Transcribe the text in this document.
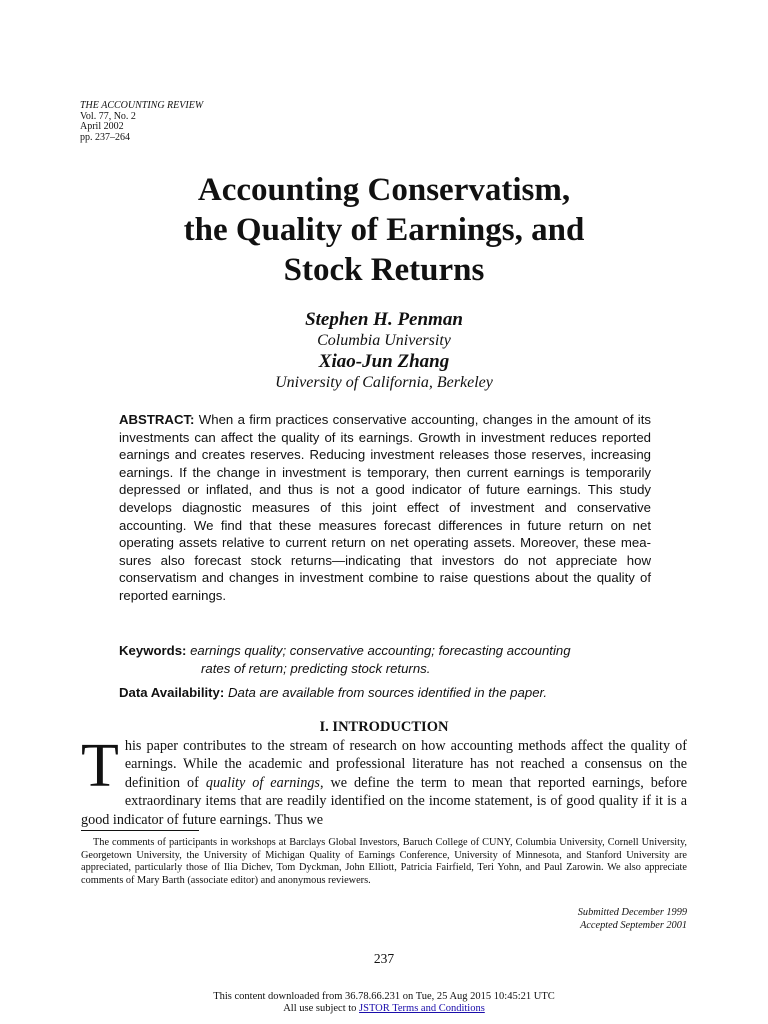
THE ACCOUNTING REVIEW
Vol. 77, No. 2
April 2002
pp. 237–264
Accounting Conservatism,
the Quality of Earnings, and
Stock Returns
Stephen H. Penman
Columbia University
Xiao-Jun Zhang
University of California, Berkeley
ABSTRACT: When a firm practices conservative accounting, changes in the amount of its investments can affect the quality of its earnings. Growth in investment reduces reported earnings and creates reserves. Reducing investment releases those reserves, increasing earnings. If the change in investment is temporary, then current earnings is temporarily depressed or inflated, and thus is not a good indicator of future earnings. This study develops diagnostic measures of this joint effect of investment and conservative accounting. We find that these measures forecast differences in future return on net operating assets relative to current return on net operating assets. Moreover, these measures also forecast stock returns—indicating that investors do not appreciate how conservatism and changes in investment combine to raise questions about the quality of reported earnings.
Keywords: earnings quality; conservative accounting; forecasting accounting
rates of return; predicting stock returns.
Data Availability: Data are available from sources identified in the paper.
I. INTRODUCTION
This paper contributes to the stream of research on how accounting methods affect the quality of earnings. While the academic and professional literature has not reached a consensus on the definition of quality of earnings, we define the term to mean that reported earnings, before extraordinary items that are readily identified on the income statement, is of good quality if it is a good indicator of future earnings. Thus we
The comments of participants in workshops at Barclays Global Investors, Baruch College of CUNY, Columbia University, Cornell University, Georgetown University, the University of Michigan Quality of Earnings Conference, University of Minnesota, and Stanford University are appreciated, particularly those of Ilia Dichev, Tom Dyckman, John Elliott, Patricia Fairfield, Teri Yohn, and Paul Zarowin. We also appreciate comments of Mary Barth (associate editor) and anonymous reviewers.
Submitted December 1999
Accepted September 2001
237
This content downloaded from 36.78.66.231 on Tue, 25 Aug 2015 10:45:21 UTC
All use subject to JSTOR Terms and Conditions
